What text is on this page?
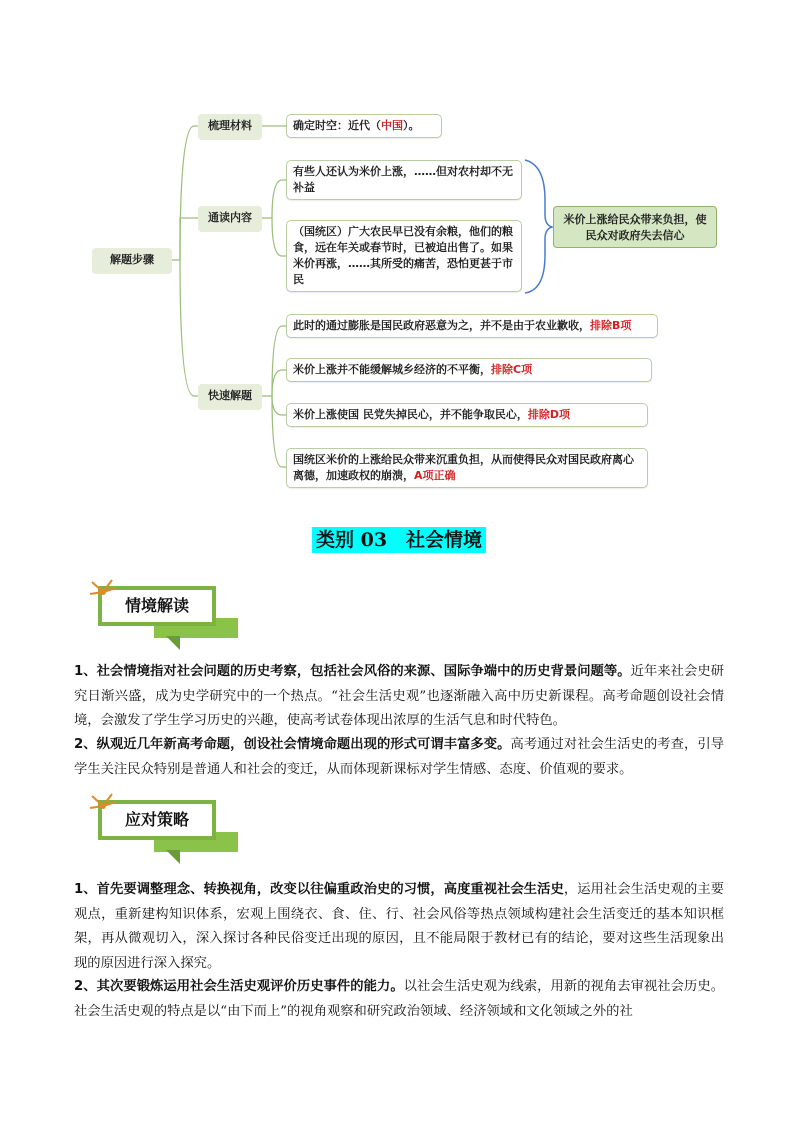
解题步骤
梳理材料
通读内容
快速解题
确定时空：近代（中国）。
有些人还认为米价上涨，……但对农村却不无补益
（国统区）广大农民早已没有余粮，他们的粮食，远在年关或春节时，已被迫出售了。如果米价再涨，……其所受的痛苦，恐怕更甚于市民
米价上涨给民众带来负担，使民众对政府失去信心
此时的通过膨胀是国民政府恶意为之，并不是由于农业歉收，排除B项
米价上涨并不能缓解城乡经济的不平衡，排除C项
米价上涨使国 民党失掉民心，并不能争取民心，排除D项
国统区米价的上涨给民众带来沉重负担，从而使得民众对国民政府离心离德，加速政权的崩溃，A项正确
类别 03　社会情境
情境解读
1、社会情境指对社会问题的历史考察，包括社会风俗的来源、国际争端中的历史背景问题等。近年来社会史研究日渐兴盛，成为史学研究中的一个热点。“社会生活史观”也逐渐融入高中历史新课程。高考命题创设社会情境，会激发了学生学习历史的兴趣，使高考试卷体现出浓厚的生活气息和时代特色。
2、纵观近几年新高考命题，创设社会情境命题出现的形式可谓丰富多变。高考通过对社会生活史的考查，引导学生关注民众特别是普通人和社会的变迁，从而体现新课标对学生情感、态度、价值观的要求。
应对策略
1、首先要调整理念、转换视角，改变以往偏重政治史的习惯，高度重视社会生活史，运用社会生活史观的主要观点，重新建构知识体系，宏观上围绕衣、食、住、行、社会风俗等热点领域构建社会生活变迁的基本知识框架，再从微观切入，深入探讨各种民俗变迁出现的原因，且不能局限于教材已有的结论，要对这些生活现象出现的原因进行深入探究。
2、其次要锻炼运用社会生活史观评价历史事件的能力。以社会生活史观为线索，用新的视角去审视社会历史。社会生活史观的特点是以“由下而上”的视角观察和研究政治领域、经济领域和文化领域之外的社
